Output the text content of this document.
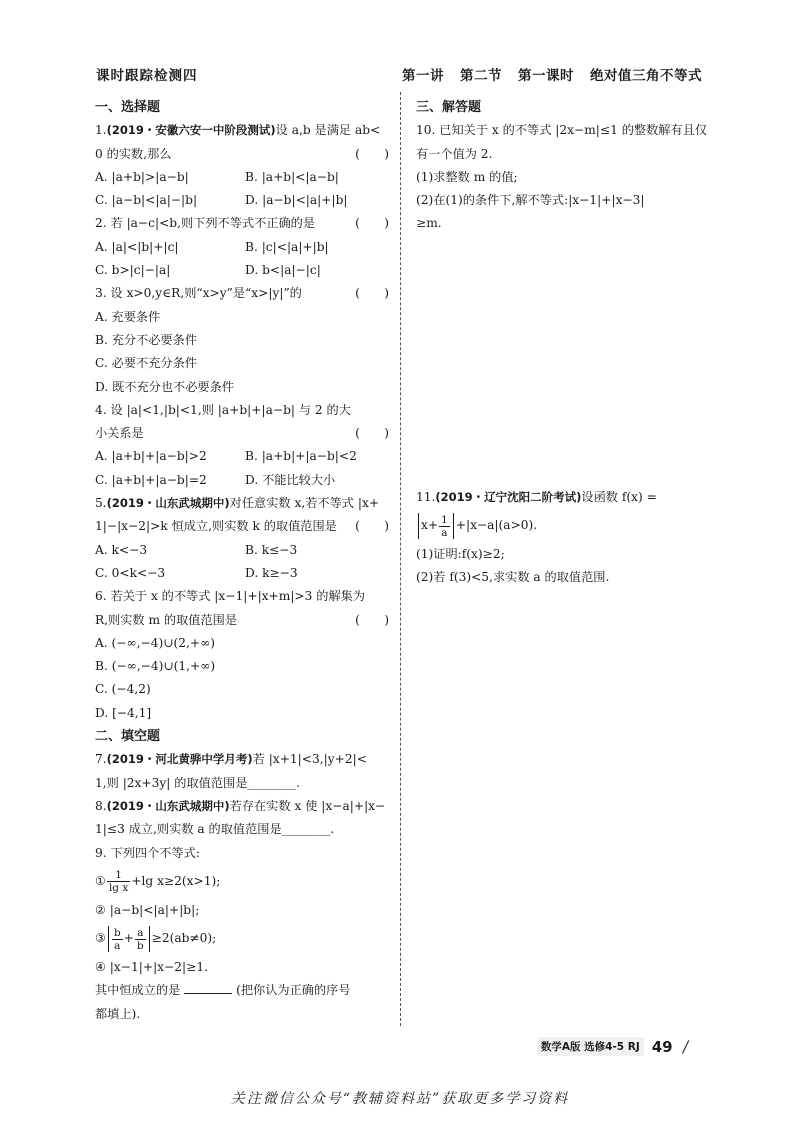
课时跟踪检测四	第一讲 第二节 第一课时 绝对值三角不等式

一、选择题

1.(2019・安徽六安一中阶段测试)设 a,b 是满足 ab<
0 的实数,那么	(　　)
A. |a+b|>|a−b|	B. |a+b|<|a−b|
C. |a−b|<|a|−|b|	D. |a−b|<|a|+|b|
2. 若 |a−c|<b,则下列不等式不正确的是	(　　)
A. |a|<|b|+|c|	B. |c|<|a|+|b|
C. b>|c|−|a|	D. b<|a|−|c|
3. 设 x>0,y∈R,则“x>y”是“x>|y|”的	(　　)
A. 充要条件
B. 充分不必要条件
C. 必要不充分条件
D. 既不充分也不必要条件
4. 设 |a|<1,|b|<1,则 |a+b|+|a−b| 与 2 的大
小关系是	(　　)
A. |a+b|+|a−b|>2	B. |a+b|+|a−b|<2
C. |a+b|+|a−b|=2	D. 不能比较大小
5.(2019・山东武城期中)对任意实数 x,若不等式 |x+
1|−|x−2|>k 恒成立,则实数 k 的取值范围是 (　　)
A. k<−3	B. k≤−3
C. 0<k<−3	D. k≥−3
6. 若关于 x 的不等式 |x−1|+|x+m|>3 的解集为
R,则实数 m 的取值范围是	(　　)
A. (−∞,−4)∪(2,+∞)
B. (−∞,−4)∪(1,+∞)
C. (−4,2)
D. [−4,1]

二、填空题

7.(2019・河北黄骅中学月考)若 |x+1|<3,|y+2|<
1,则 |2x+3y| 的取值范围是________.
8.(2019・山东武城期中)若存在实数 x 使 |x−a|+|x−
1|≤3 成立,则实数 a 的取值范围是________.
9. 下列四个不等式:
① $\frac{1}{\text{lg x}} +\lg$ x≥2(x>1);
② |a−b|<|a|+|b|;
③ $\frac{b}{a} + \frac{a}{b} \ge 2(ab\ne 0)$;
④ |x−1|+|x−2|≥1.
其中恒成立的是	(把你认为正确的序号
都填上).

三、解答题

10. 已知关于 x 的不等式 |2x−m|≤1 的整数解有且仅
有一个值为 2.
(1)求整数 m 的值;
(2)在(1)的条件下,解不等式:|x−1|+|x−3|
≥m.
11.(2019・辽宁沈阳二阶考试)设函数 f(x) =
$x+ \frac{1}{a} +|x-a|(a>0)$.
(1)证明:f(x)≥2;
(2)若 f(3)<5,求实数 a 的取值范围.
数学A版 选修4-5 RJ 49 /
关注微信公众号“教辅资料站”获取更多学习资料
